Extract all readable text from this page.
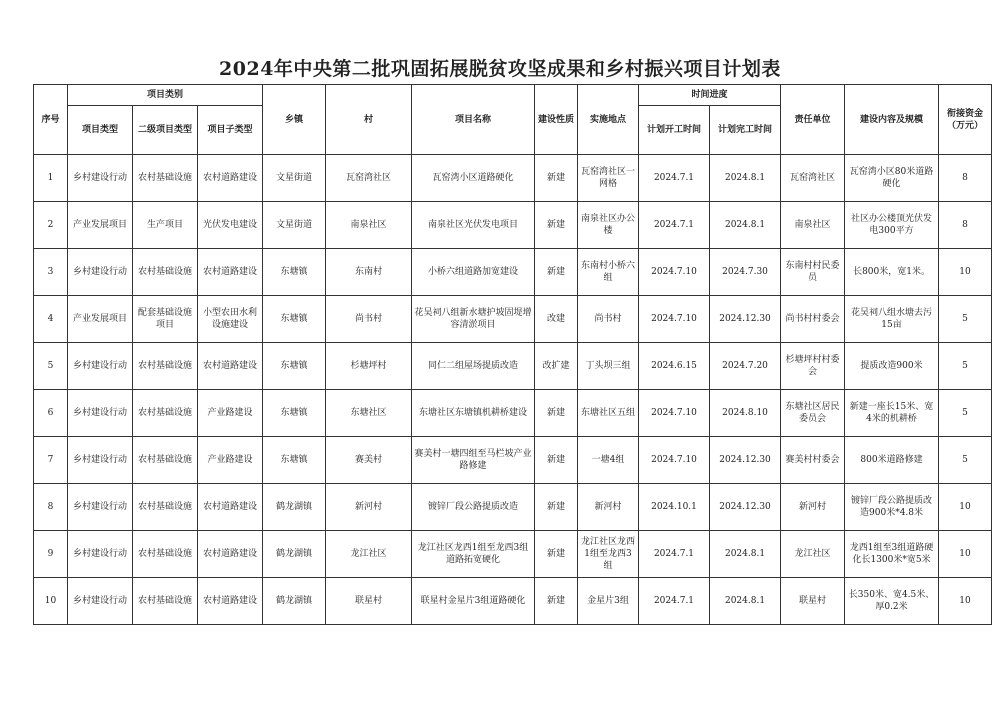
2024年中央第二批巩固拓展脱贫攻坚成果和乡村振兴项目计划表
序号	项目类别			乡镇	村	项目名称	建设性质	实施地点	时间进度		责任单位	建设内容及规模	衔接资金（万元）
	项目类型	二级项目类型	项目子类型						计划开工时间	计划完工时间			
1	乡村建设行动	农村基础设施	农村道路建设	文星街道	瓦窑湾社区	瓦窑湾小区道路硬化	新建	瓦窑湾社区一网格	2024.7.1	2024.8.1	瓦窑湾社区	瓦窑湾小区80米道路硬化	8
2	产业发展项目	生产项目	光伏发电建设	文星街道	南泉社区	南泉社区光伏发电项目	新建	南泉社区办公楼	2024.7.1	2024.8.1	南泉社区	社区办公楼顶光伏发电300平方	8
3	乡村建设行动	农村基础设施	农村道路建设	东塘镇	东南村	小桥六组道路加宽建设	新建	东南村小桥六组	2024.7.10	2024.7.30	东南村村民委员	长800米，宽1米。	10
4	产业发展项目	配套基础设施项目	小型农田水利设施建设	东塘镇	尚书村	花吴祠八组新水塘护坡固堤增容清淤项目	改建	尚书村	2024.7.10	2024.12.30	尚书村村委会	花吴祠八组水塘去污15亩	5
5	乡村建设行动	农村基础设施	农村道路建设	东塘镇	杉塘坪村	同仁二组屋场提质改造	改扩建	丁头坝三组	2024.6.15	2024.7.20	杉塘坪村村委会	提质改造900米	5
6	乡村建设行动	农村基础设施	产业路建设	东塘镇	东塘社区	东塘社区东塘镇机耕桥建设	新建	东塘社区五组	2024.7.10	2024.8.10	东塘社区居民委员会	新建一座长15米、宽4米的机耕桥	5
7	乡村建设行动	农村基础设施	产业路建设	东塘镇	赛美村	赛美村一塘四组至马栏坡产业路修建	新建	一塘4组	2024.7.10	2024.12.30	赛美村村委会	800米道路修建	5
8	乡村建设行动	农村基础设施	农村道路建设	鹤龙湖镇	新河村	镀锌厂段公路提质改造	新建	新河村	2024.10.1	2024.12.30	新河村	镀锌厂段公路提质改造900米*4.8米	10
9	乡村建设行动	农村基础设施	农村道路建设	鹤龙湖镇	龙江社区	龙江社区龙西1组至龙西3组道路拓宽硬化	新建	龙江社区龙西1组至龙西3组	2024.7.1	2024.8.1	龙江社区	龙西1组至3组道路硬化长1300米*宽5米	10
10	乡村建设行动	农村基础设施	农村道路建设	鹤龙湖镇	联星村	联星村金星片3组道路硬化	新建	金星片3组	2024.7.1	2024.8.1	联星村	长350米、宽4.5米、厚0.2米	10
